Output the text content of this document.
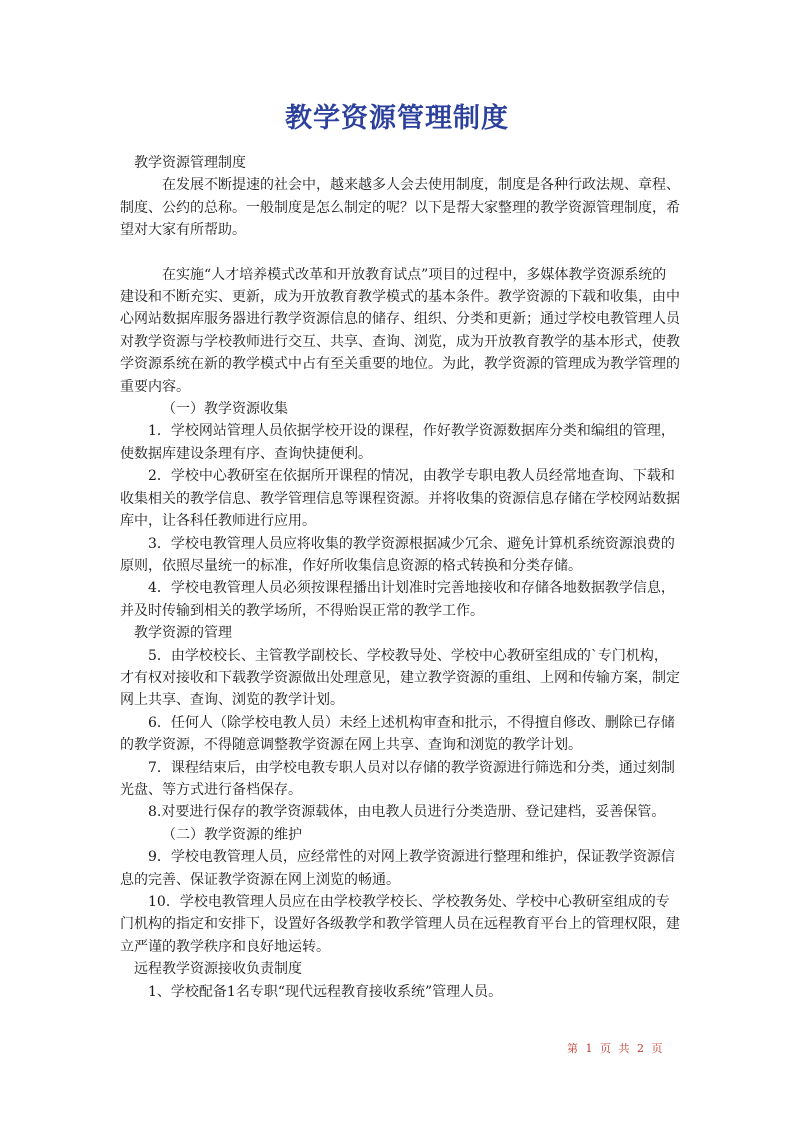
教学资源管理制度

教学资源管理制度

在发展不断提速的社会中，越来越多人会去使用制度，制度是各种行政法规、章程、制度、公约的总称。一般制度是怎么制定的呢？以下是帮大家整理的教学资源管理制度，希望对大家有所帮助。

在实施“人才培养模式改革和开放教育试点”项目的过程中，多媒体教学资源系统的建设和不断充实、更新，成为开放教育教学模式的基本条件。教学资源的下载和收集，由中心网站数据库服务器进行教学资源信息的储存、组织、分类和更新；通过学校电教管理人员对教学资源与学校教师进行交互、共享、查询、浏览，成为开放教育教学的基本形式，使教学资源系统在新的教学模式中占有至关重要的地位。为此，教学资源的管理成为教学管理的重要内容。

（一）教学资源收集

1．学校网站管理人员依据学校开设的课程，作好教学资源数据库分类和编组的管理，使数据库建设条理有序、查询快捷便利。

2．学校中心教研室在依据所开课程的情况，由教学专职电教人员经常地查询、下载和收集相关的教学信息、教学管理信息等课程资源。并将收集的资源信息存储在学校网站数据库中，让各科任教师进行应用。

3．学校电教管理人员应将收集的教学资源根据减少冗余、避免计算机系统资源浪费的原则，依照尽量统一的标准，作好所收集信息资源的格式转换和分类存储。

4．学校电教管理人员必须按课程播出计划准时完善地接收和存储各地数据教学信息，并及时传输到相关的教学场所，不得贻误正常的教学工作。

教学资源的管理

5．由学校校长、主管教学副校长、学校教导处、学校中心教研室组成的`专门机构，才有权对接收和下载教学资源做出处理意见，建立教学资源的重组、上网和传输方案，制定网上共享、查询、浏览的教学计划。

6．任何人（除学校电教人员）未经上述机构审查和批示，不得擅自修改、删除已存储的教学资源，不得随意调整教学资源在网上共享、查询和浏览的教学计划。

7．课程结束后，由学校电教专职人员对以存储的教学资源进行筛选和分类，通过刻制光盘、等方式进行备档保存。

8.对要进行保存的教学资源载体，由电教人员进行分类造册、登记建档，妥善保管。

（二）教学资源的维护

9．学校电教管理人员，应经常性的对网上教学资源进行整理和维护，保证教学资源信息的完善、保证教学资源在网上浏览的畅通。

10．学校电教管理人员应在由学校教学校长、学校教务处、学校中心教研室组成的专门机构的指定和安排下，设置好各级教学和教学管理人员在远程教育平台上的管理权限，建立严谨的教学秩序和良好地运转。

远程教学资源接收负责制度

1、学校配备1名专职“现代远程教育接收系统”管理人员。

第 1 页 共 2 页
